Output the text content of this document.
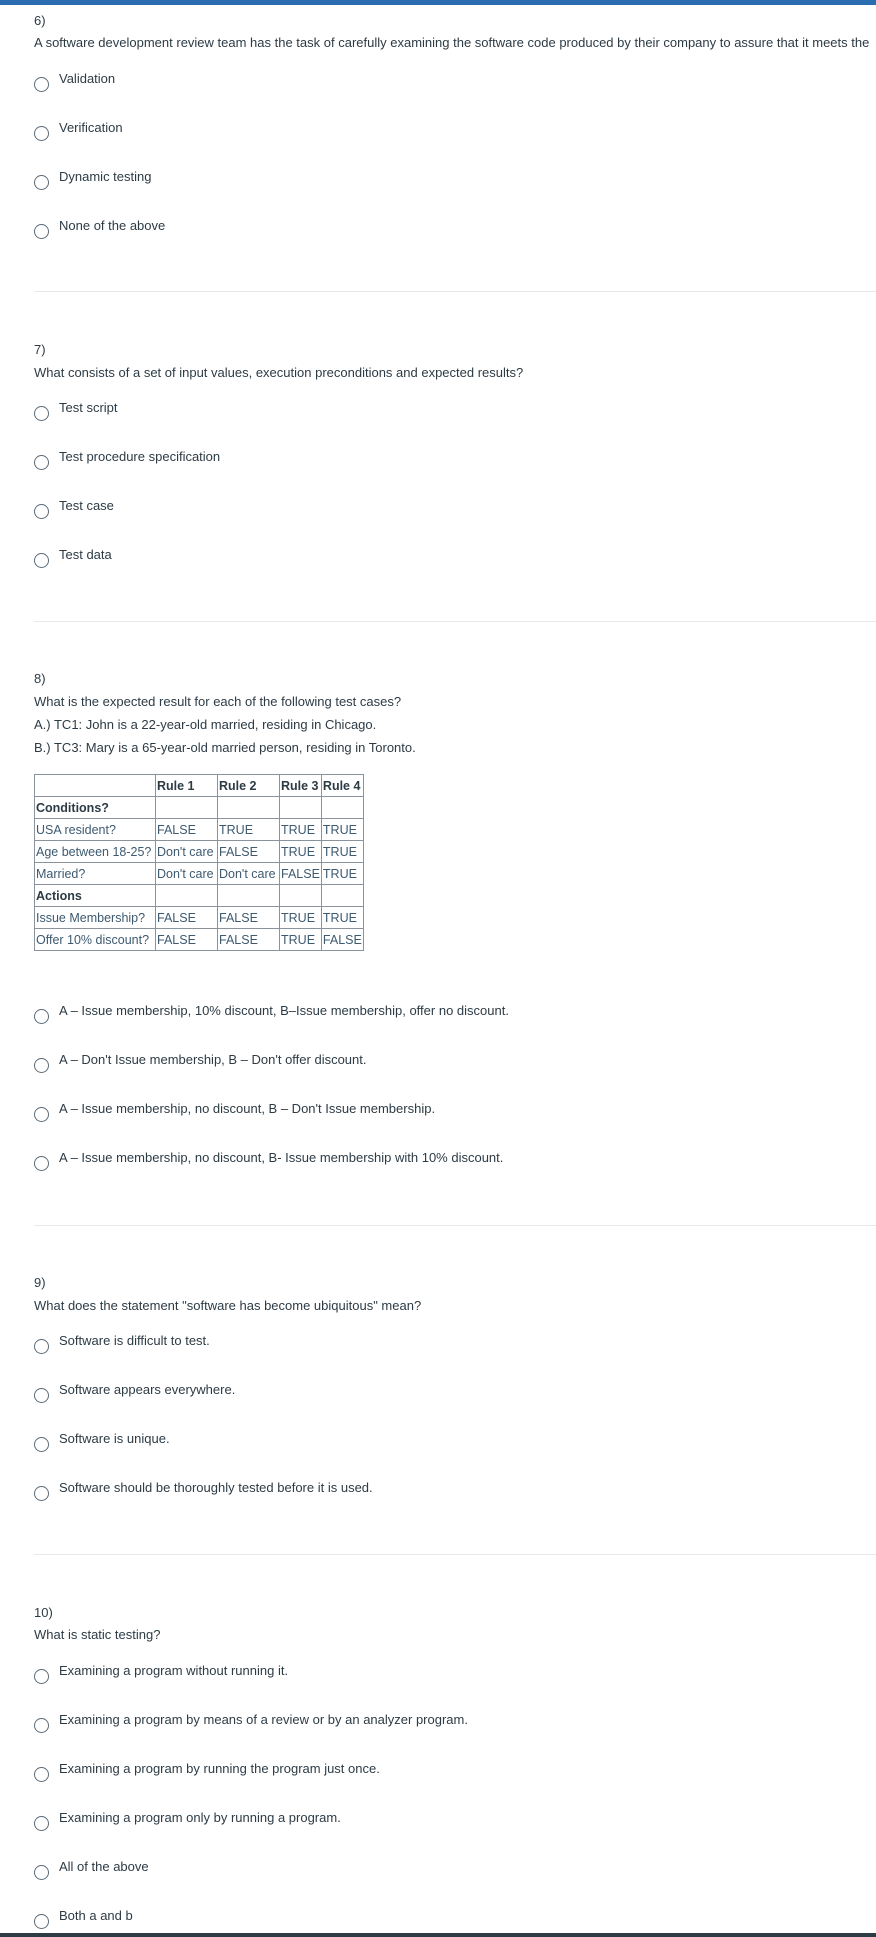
6)
A software development review team has the task of carefully examining the software code produced by their company to assure that it meets the
Validation
Verification
Dynamic testing
None of the above
7)
What consists of a set of input values, execution preconditions and expected results?
Test script
Test procedure specification
Test case
Test data
8)
What is the expected result for each of the following test cases?
A.) TC1: John is a 22-year-old married, residing in Chicago.
B.) TC3: Mary is a 65-year-old married person, residing in Toronto.
	Rule 1	Rule 2	Rule 3	Rule 4
Conditions?				
USA resident?	FALSE	TRUE	TRUE	TRUE
Age between 18-25?	Don't care	FALSE	TRUE	TRUE
Married?	Don't care	Don't care	FALSE	TRUE
Actions				
Issue Membership?	FALSE	FALSE	TRUE	TRUE
Offer 10% discount?	FALSE	FALSE	TRUE	FALSE
A – Issue membership, 10% discount, B–Issue membership, offer no discount.
A – Don't Issue membership, B – Don't offer discount.
A – Issue membership, no discount, B – Don't Issue membership.
A – Issue membership, no discount, B- Issue membership with 10% discount.
9)
What does the statement "software has become ubiquitous" mean?
Software is difficult to test.
Software appears everywhere.
Software is unique.
Software should be thoroughly tested before it is used.
10)
What is static testing?
Examining a program without running it.
Examining a program by means of a review or by an analyzer program.
Examining a program by running the program just once.
Examining a program only by running a program.
All of the above
Both a and b
